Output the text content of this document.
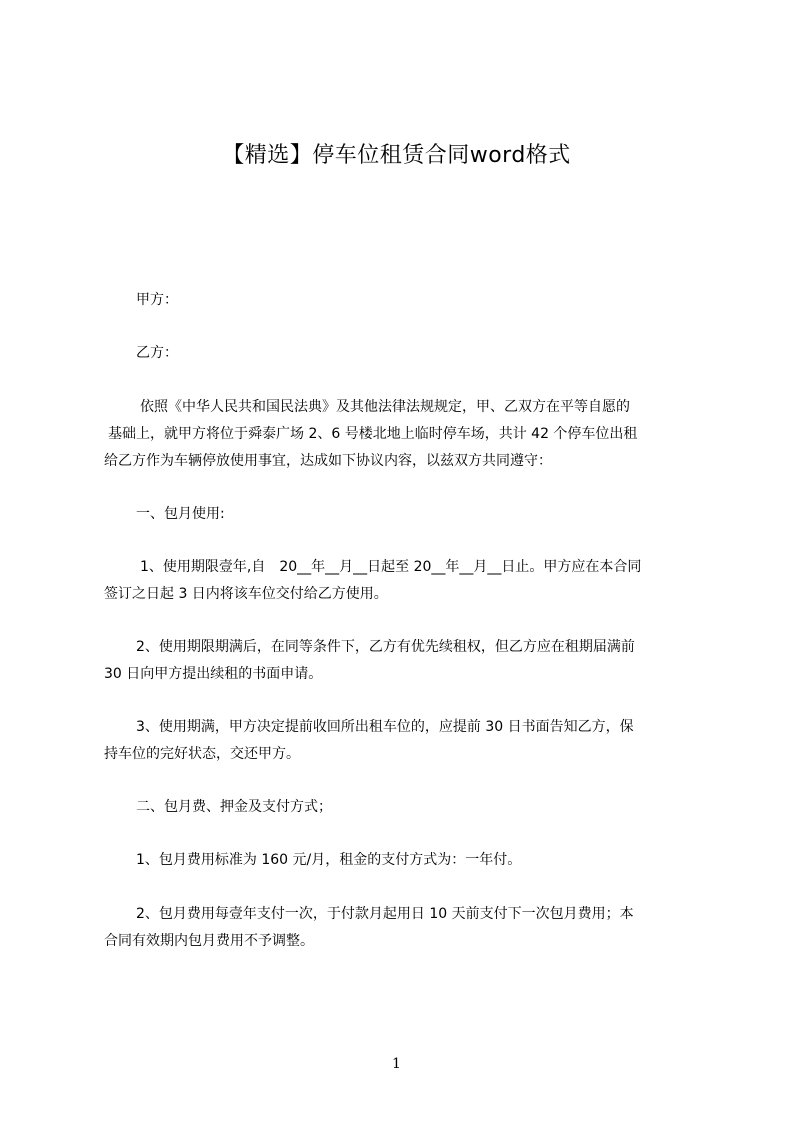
【精选】停车位租赁合同word格式
甲方：
乙方：
依照《中华人民共和国民法典》及其他法律法规规定，甲、乙双方在平等自愿的
基础上，就甲方将位于舜泰广场 2、6 号楼北地上临时停车场，共计 42 个停车位出租
给乙方作为车辆停放使用事宜，达成如下协议内容，以兹双方共同遵守：
一、包月使用:
1、使用期限壹年,自　20__年__月__日起至 20__年__月__日止。甲方应在本合同
签订之日起 3 日内将该车位交付给乙方使用。
2、使用期限期满后，在同等条件下，乙方有优先续租权，但乙方应在租期届满前
30 日向甲方提出续租的书面申请。
3、使用期满，甲方决定提前收回所出租车位的，应提前 30 日书面告知乙方，保
持车位的完好状态，交还甲方。
二、包月费、押金及支付方式；
1、包月费用标准为 160 元/月，租金的支付方式为：一年付。
2、包月费用每壹年支付一次，于付款月起用日 10 天前支付下一次包月费用；本
合同有效期内包月费用不予调整。
1
